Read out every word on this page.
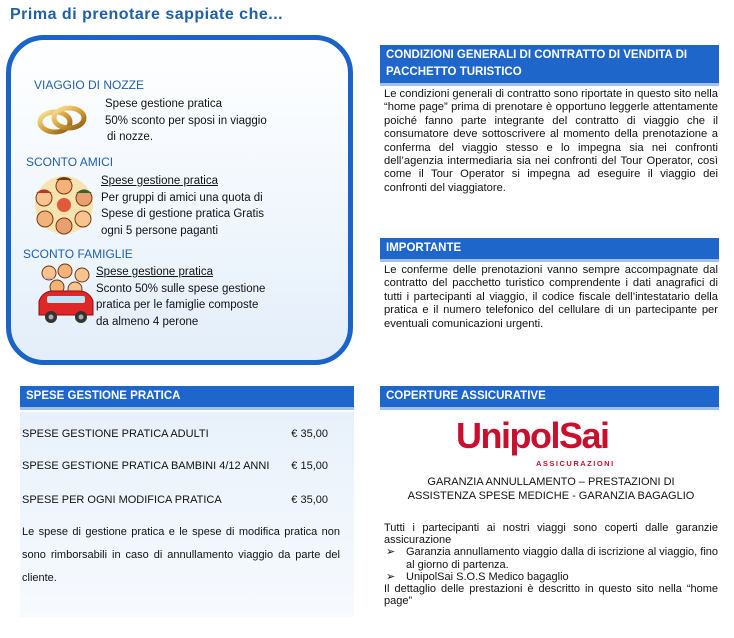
Prima di prenotare sappiate che...
VIAGGIO DI NOZZE
Spese gestione pratica
50% sconto per sposi in viaggio
di nozze.
SCONTO AMICI
Spese gestione pratica
Per gruppi di amici una quota di
Spese di gestione pratica Gratis
ogni 5 persone paganti
SCONTO FAMIGLIE
Spese gestione pratica
Sconto 50% sulle spese gestione
pratica per le famiglie composte
da almeno 4 perone
CONDIZIONI GENERALI DI CONTRATTO DI VENDITA DI PACCHETTO TURISTICO
Le condizioni generali di contratto sono riportate in questo sito nella “home page” prima di prenotare è opportuno leggerle attentamente poiché fanno parte integrante del contratto di viaggio che il consumatore deve sottoscrivere al momento della prenotazione a conferma del viaggio stesso e lo impegna sia nei confronti dell’agenzia intermediaria sia nei confronti del Tour Operator, così come il Tour Operator si impegna ad eseguire il viaggio dei confronti del viaggiatore.
IMPORTANTE
Le conferme delle prenotazioni vanno sempre accompagnate dal contratto del pacchetto turistico comprendente i dati anagrafici di tutti i partecipanti al viaggio, il codice fiscale dell’intestatario della pratica e il numero telefonico del cellulare di un partecipante per eventuali comunicazioni urgenti.
SPESE GESTIONE PRATICA
SPESE GESTIONE PRATICA ADULTI	€ 35,00
SPESE GESTIONE PRATICA BAMBINI 4/12 ANNI € 15,00
SPESE PER OGNI MODIFICA PRATICA	€ 35,00
Le spese di gestione pratica e le spese di modifica pratica non sono rimborsabili in caso di annullamento viaggio da parte del cliente.
COPERTURE ASSICURATIVE
UnipolSai
ASSICURAZIONI
GARANZIA ANNULLAMENTO – PRESTAZIONI DI
ASSISTENZA SPESE MEDICHE - GARANZIA BAGAGLIO
Tutti i partecipanti ai nostri viaggi sono coperti dalle garanzie assicurazione
➢ Garanzia annullamento viaggio dalla di iscrizione al viaggio, fino al giorno di partenza.
➢ UnipolSai S.O.S Medico bagaglio
Il dettaglio delle prestazioni è descritto in questo sito nella “home page”
